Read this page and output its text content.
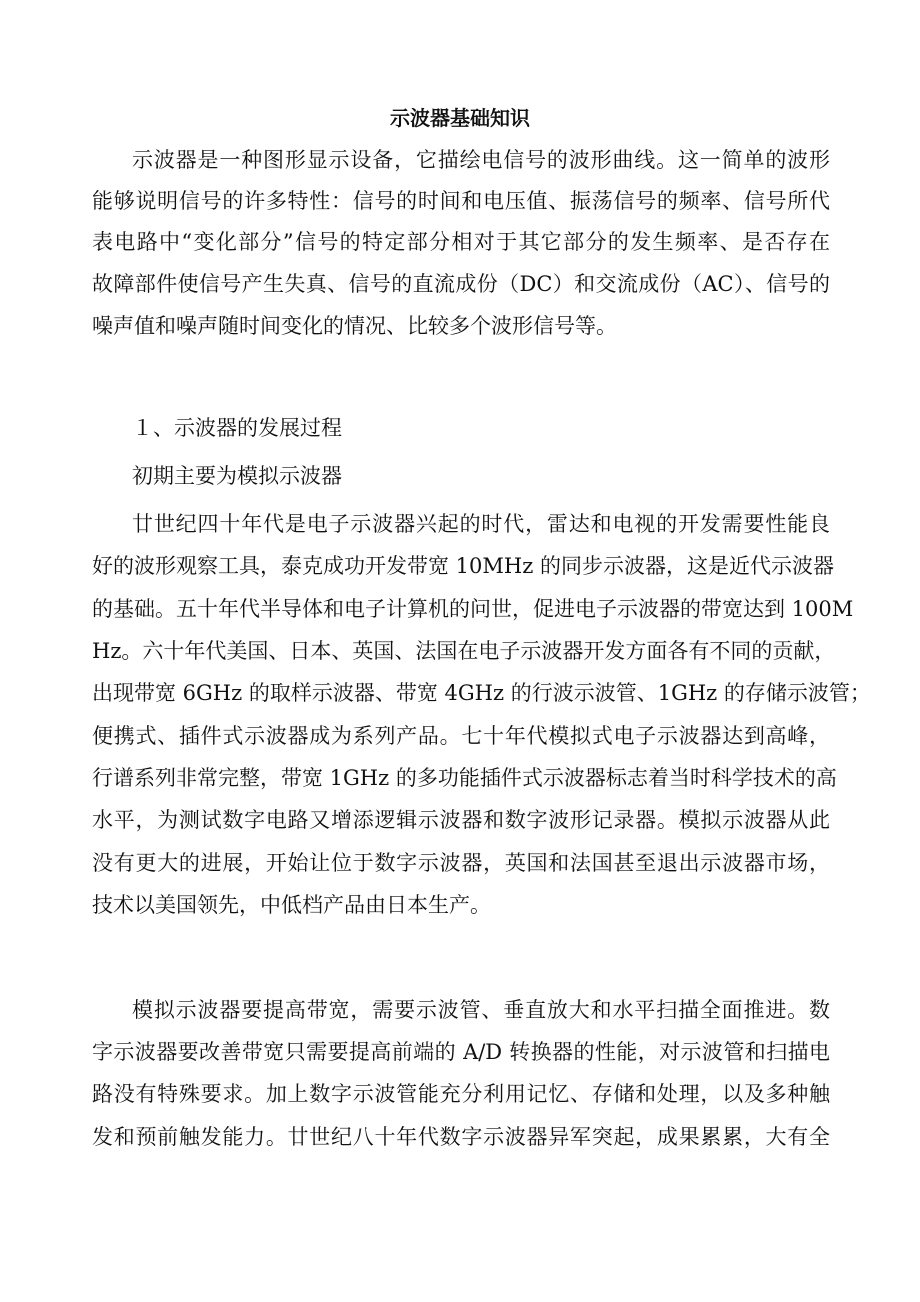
示波器基础知识
示波器是一种图形显示设备，它描绘电信号的波形曲线。这一简单的波形
能够说明信号的许多特性：信号的时间和电压值、振荡信号的频率、信号所代
表电路中“变化部分”信号的特定部分相对于其它部分的发生频率、是否存在
故障部件使信号产生失真、信号的直流成份（DC）和交流成份（AC）、信号的
噪声值和噪声随时间变化的情况、比较多个波形信号等。
１、示波器的发展过程
初期主要为模拟示波器
廿世纪四十年代是电子示波器兴起的时代，雷达和电视的开发需要性能良
好的波形观察工具，泰克成功开发带宽 10MHz 的同步示波器，这是近代示波器
的基础。五十年代半导体和电子计算机的问世，促进电子示波器的带宽达到 100M
Hz。六十年代美国、日本、英国、法国在电子示波器开发方面各有不同的贡献，
出现带宽 6GHz 的取样示波器、带宽 4GHz 的行波示波管、1GHz 的存储示波管；
便携式、插件式示波器成为系列产品。七十年代模拟式电子示波器达到高峰，
行谱系列非常完整，带宽 1GHz 的多功能插件式示波器标志着当时科学技术的高
水平，为测试数字电路又增添逻辑示波器和数字波形记录器。模拟示波器从此
没有更大的进展，开始让位于数字示波器，英国和法国甚至退出示波器市场，
技术以美国领先，中低档产品由日本生产。
模拟示波器要提高带宽，需要示波管、垂直放大和水平扫描全面推进。数
字示波器要改善带宽只需要提高前端的 A/D 转换器的性能，对示波管和扫描电
路没有特殊要求。加上数字示波管能充分利用记忆、存储和处理，以及多种触
发和预前触发能力。廿世纪八十年代数字示波器异军突起，成果累累，大有全
